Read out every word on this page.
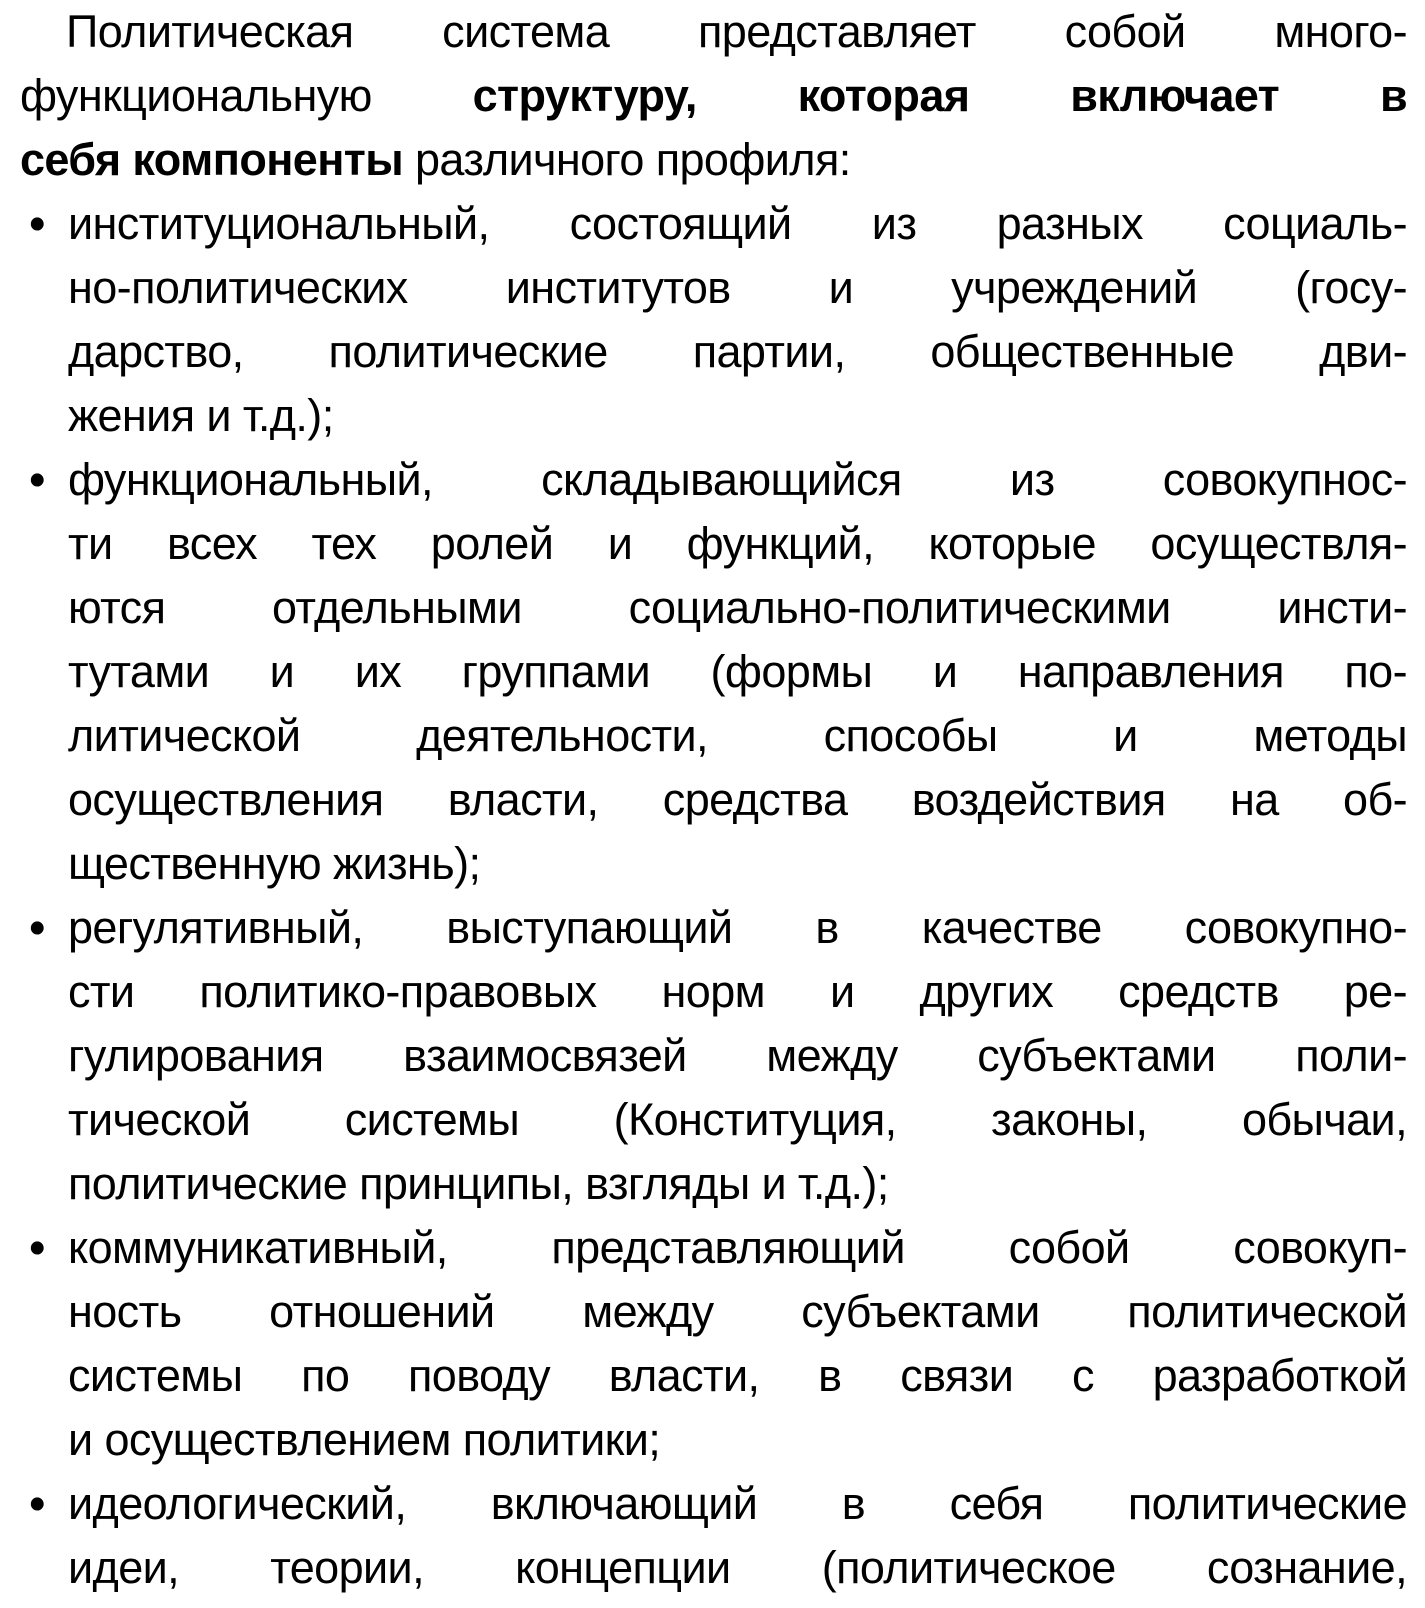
Политическая система представляет собой много-
функциональную структуру, которая включает в
себя компоненты различного профиля:
• институциональный, состоящий из разных социаль-
но-политических институтов и учреждений (госу-
дарство, политические партии, общественные дви-
жения и т.д.);
• функциональный, складывающийся из совокупнос-
ти всех тех ролей и функций, которые осуществля-
ются отдельными социально-политическими инсти-
тутами и их группами (формы и направления по-
литической деятельности, способы и методы
осуществления власти, средства воздействия на об-
щественную жизнь);
• регулятивный, выступающий в качестве совокупно-
сти политико-правовых норм и других средств ре-
гулирования взаимосвязей между субъектами поли-
тической системы (Конституция, законы, обычаи,
политические принципы, взгляды и т.д.);
• коммуникативный, представляющий собой совокуп-
ность отношений между субъектами политической
системы по поводу власти, в связи с разработкой
и осуществлением политики;
• идеологический, включающий в себя политические
идеи, теории, концепции (политическое сознание,
